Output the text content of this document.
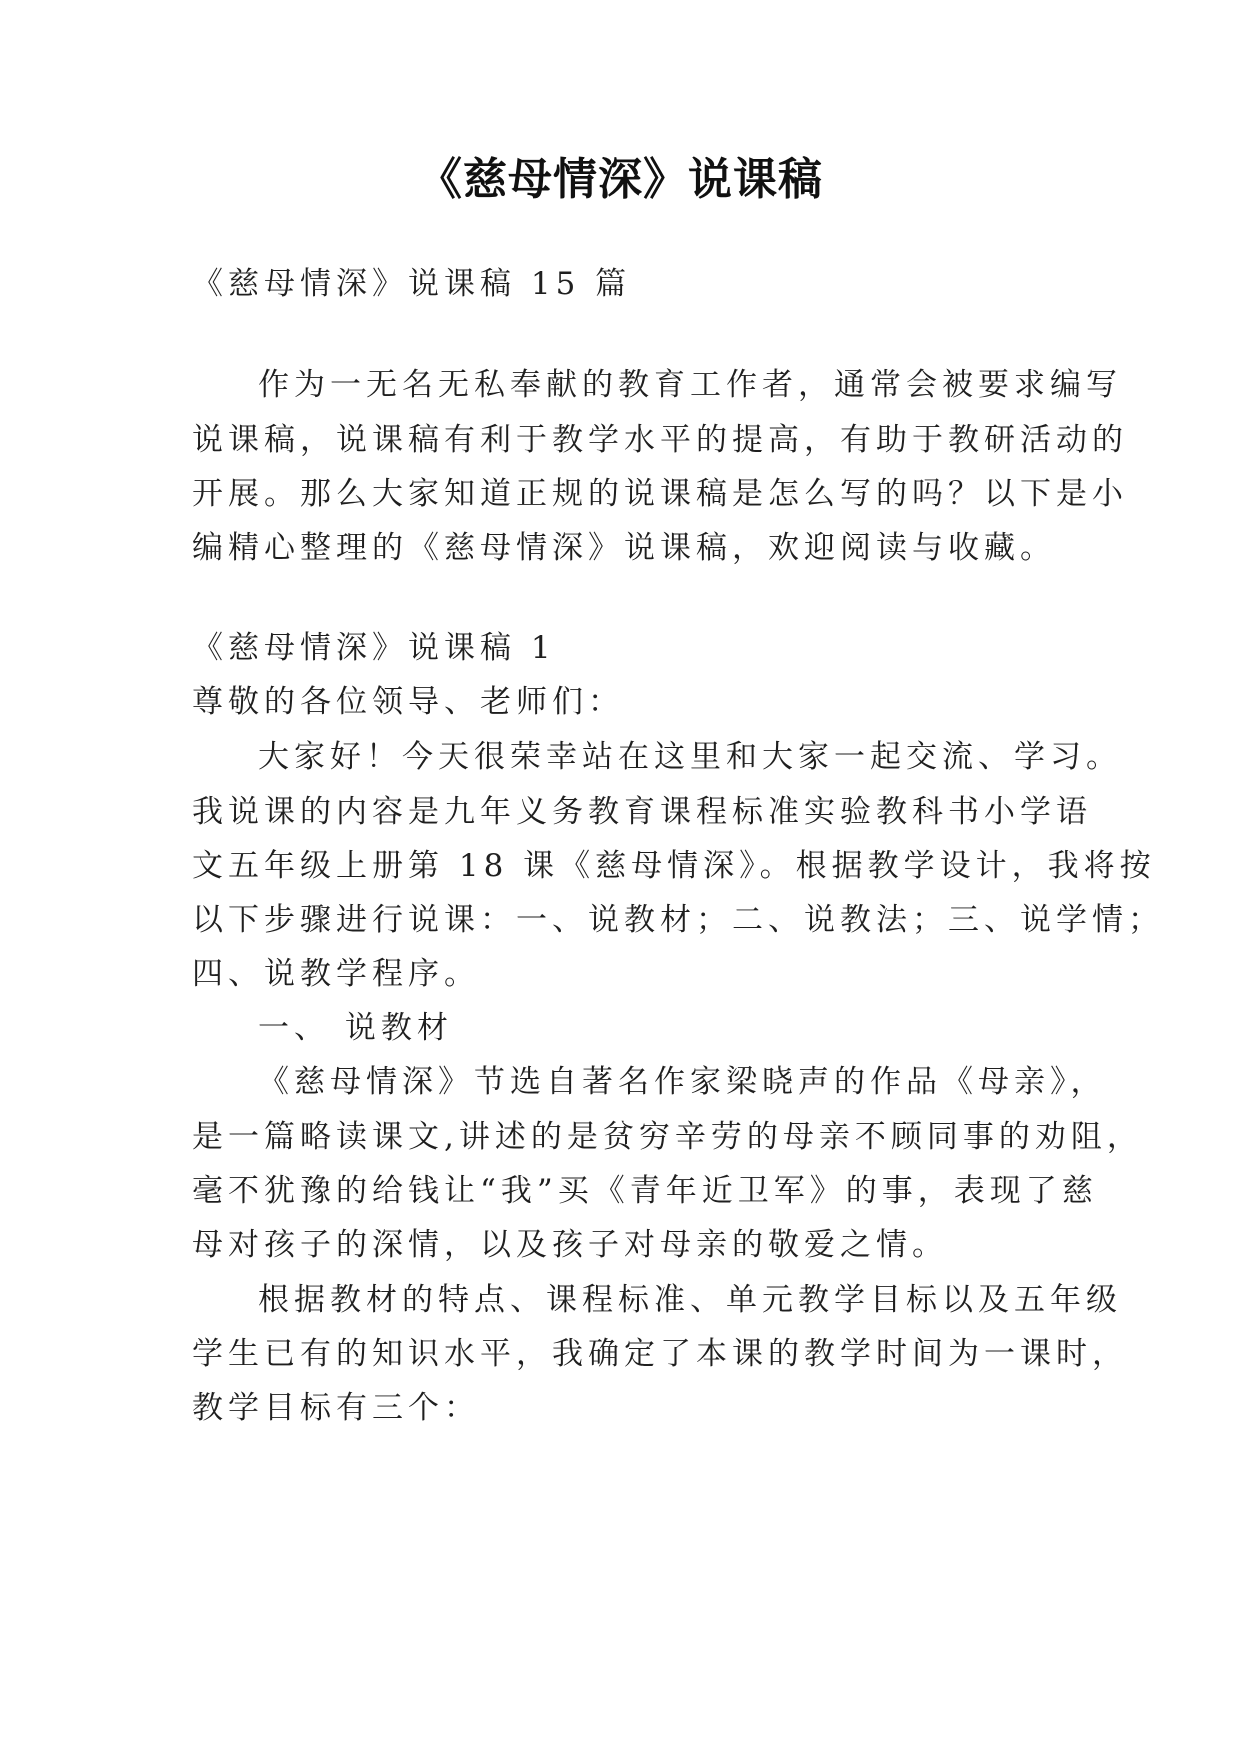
《慈母情深》说课稿
《慈母情深》说课稿 15 篇
作为一无名无私奉献的教育工作者，通常会被要求编写
说课稿，说课稿有利于教学水平的提高，有助于教研活动的
开展。那么大家知道正规的说课稿是怎么写的吗？以下是小
编精心整理的《慈母情深》说课稿，欢迎阅读与收藏。
《慈母情深》说课稿 1
尊敬的各位领导、老师们：
大家好！今天很荣幸站在这里和大家一起交流、学习。
我说课的内容是九年义务教育课程标准实验教科书小学语
文五年级上册第 18 课《慈母情深》。根据教学设计，我将按
以下步骤进行说课：一、说教材；二、说教法；三、说学情；
四、说教学程序。
一、 说教材
《慈母情深》节选自著名作家梁晓声的作品《母亲》，
是一篇略读课文,讲述的是贫穷辛劳的母亲不顾同事的劝阻，
毫不犹豫的给钱让“我”买《青年近卫军》的事，表现了慈
母对孩子的深情，以及孩子对母亲的敬爱之情。
根据教材的特点、课程标准、单元教学目标以及五年级
学生已有的知识水平，我确定了本课的教学时间为一课时，
教学目标有三个：
